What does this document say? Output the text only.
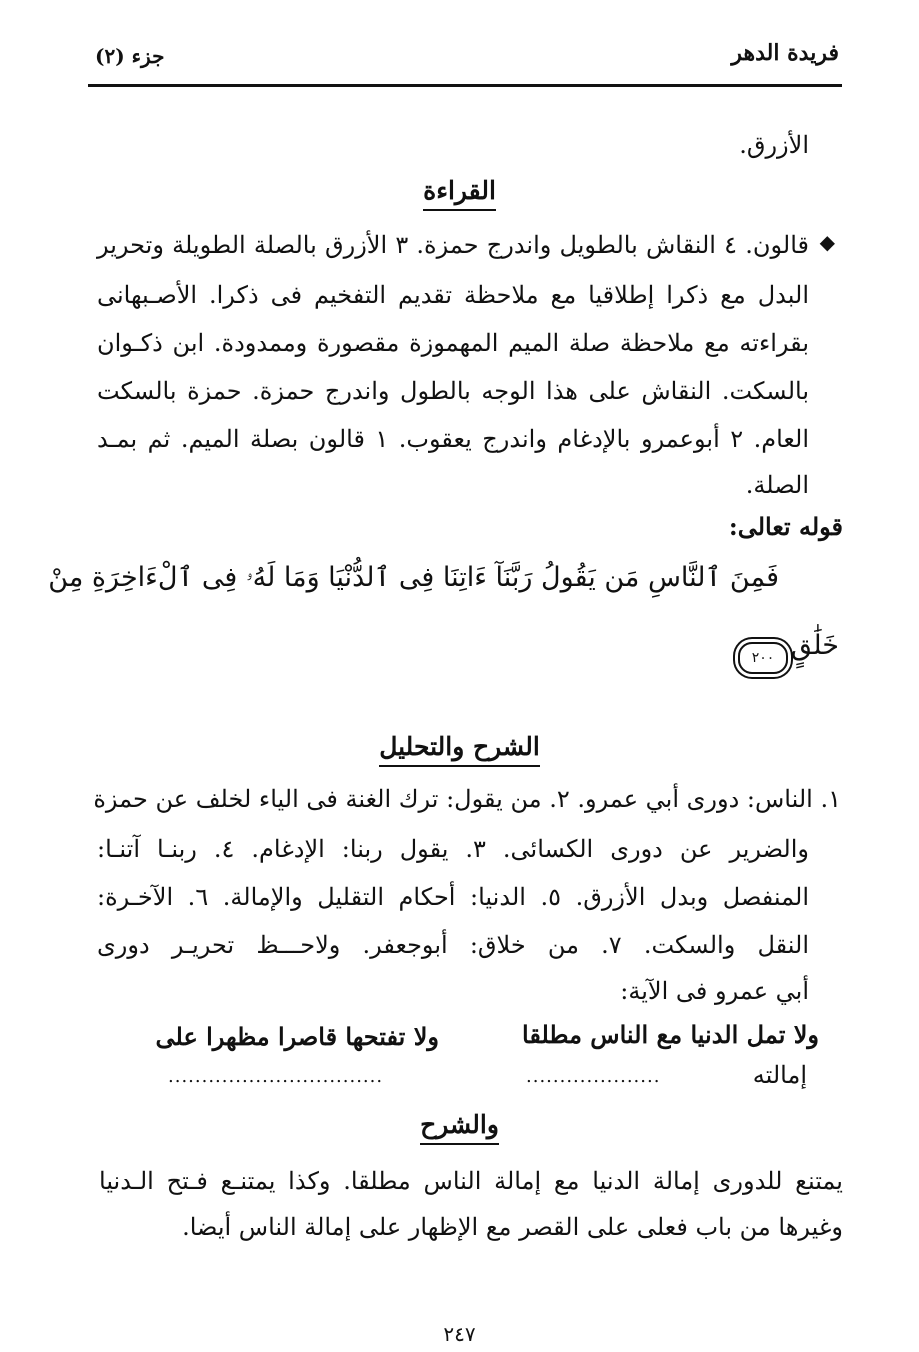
فريدة الدهر
جزء (٢)
الأزرق.
القراءة
◆
قالون. ٤ النقاش بالطويل واندرج حمزة. ٣ الأزرق بالصلة الطويلة وتحرير
البدل مع ذكرا إطلاقيا مع ملاحظة تقديم التفخيم فى ذكرا. الأصـبهانى
بقراءته مع ملاحظة صلة الميم المهموزة مقصورة وممدودة. ابن ذكـوان
بالسكت. النقاش على هذا الوجه بالطول واندرج حمزة. حمزة بالسكت
العام. ٢ أبوعمرو بالإدغام واندرج يعقوب. ١ قالون بصلة الميم. ثم بمـد
الصلة.
قوله تعالى:
فَمِنَ ٱلنَّاسِ مَن يَقُولُ رَبَّنَآ ءَاتِنَا فِى ٱلدُّنْيَا وَمَا لَهُۥ فِى ٱلْءَاخِرَةِ مِنْ
خَلَٰقٍ
٢٠٠
الشرح والتحليل
١. الناس: دورى أبي عمرو. ٢. من يقول: ترك الغنة فى الياء لخلف عن حمزة
والضرير عن دورى الكسائى. ٣. يقول ربنا: الإدغام. ٤. ربنـا آتنـا:
المنفصل وبدل الأزرق. ٥. الدنيا: أحكام التقليل والإمالة. ٦. الآخـرة:
النقل والسكت. ٧. من خلاق: أبوجعفر. ولاحـــظ تحريـر دورى
أبي عمرو فى الآية:
ولا تمل الدنيا مع الناس مطلقا
ولا تفتحها قاصرا مظهرا على
إمالته
....................
................................
والشرح
يمتنع للدورى إمالة الدنيا مع إمالة الناس مطلقا. وكذا يمتنـع فـتح الـدنيا
وغيرها من باب فعلى على القصر مع الإظهار على إمالة الناس أيضا.
٢٤٧
